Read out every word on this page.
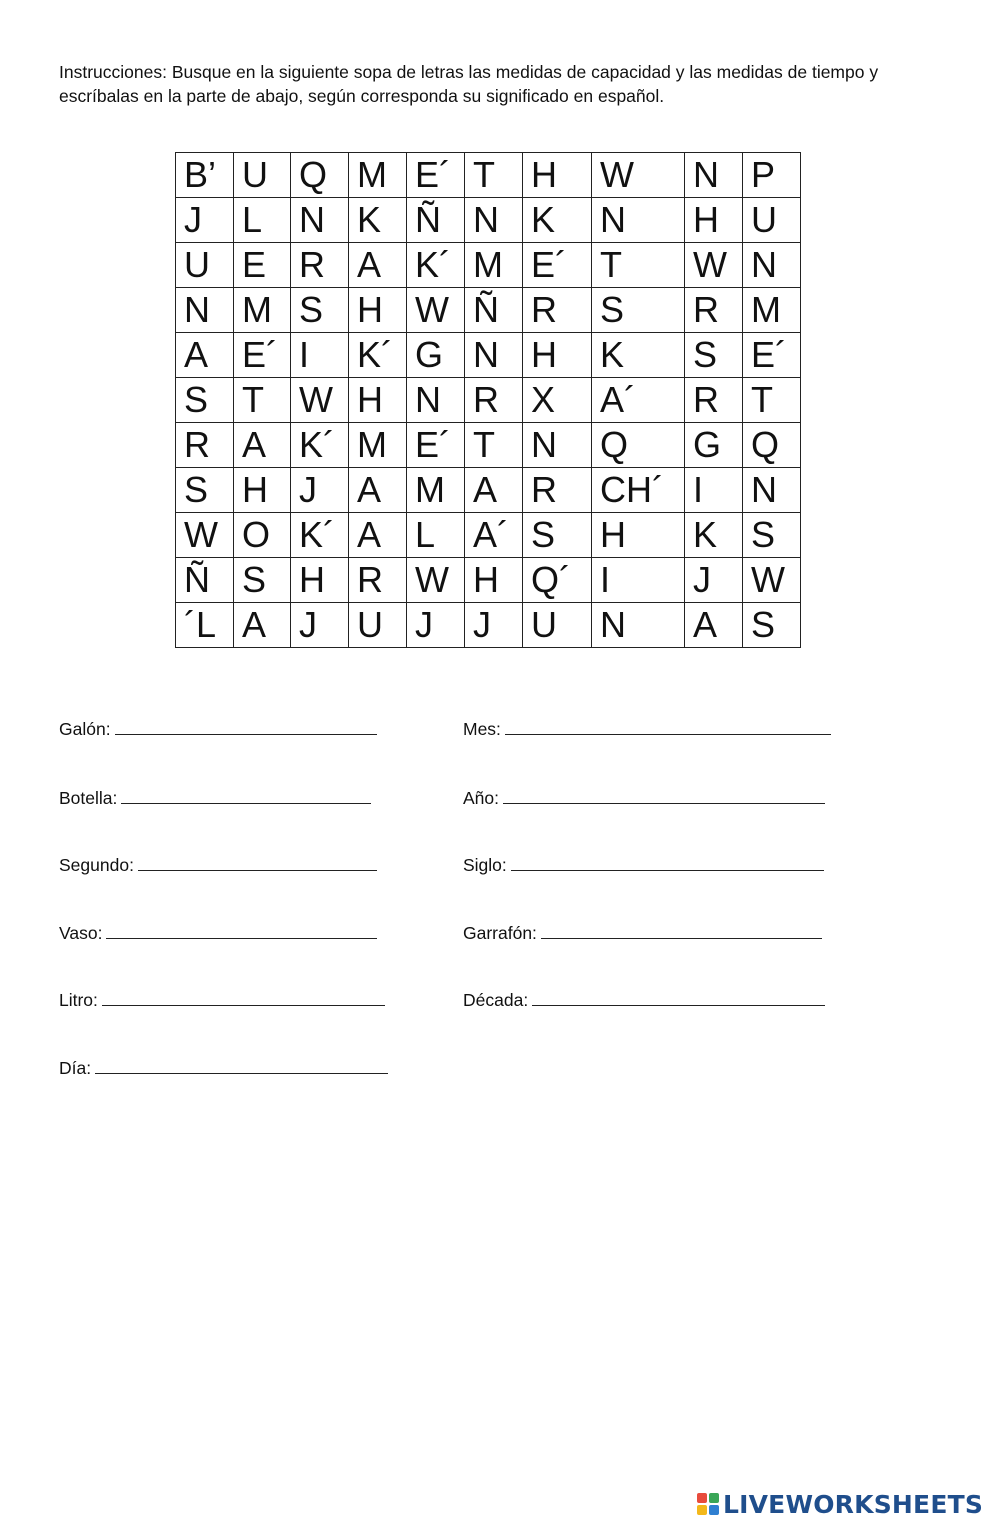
Instrucciones: Busque en la siguiente sopa de letras las medidas de capacidad y las medidas de tiempo y escríbalas en la parte de abajo, según corresponda su significado en español.

B’	U	Q	M	E´	T	H	W	N	P
J	L	N	K	Ñ	N	K	N	H	U
U	E	R	A	K´	M	E´	T	W	N
N	M	S	H	W	Ñ	R	S	R	M
A	E´	I	K´	G	N	H	K	S	E´
S	T	W	H	N	R	X	A´	R	T
R	A	K´	M	E´	T	N	Q	G	Q
S	H	J	A	M	A	R	CH´	I	N
W	O	K´	A	L	A´	S	H	K	S
Ñ	S	H	R	W	H	Q´	I	J	W
´L	A	J	U	J	J	U	N	A	S
Galón:
Botella:
Segundo:
Vaso:
Litro:
Día:
Mes:
Año:
Siglo:
Garrafón:
Década:
LIVEWORKSHEETS
